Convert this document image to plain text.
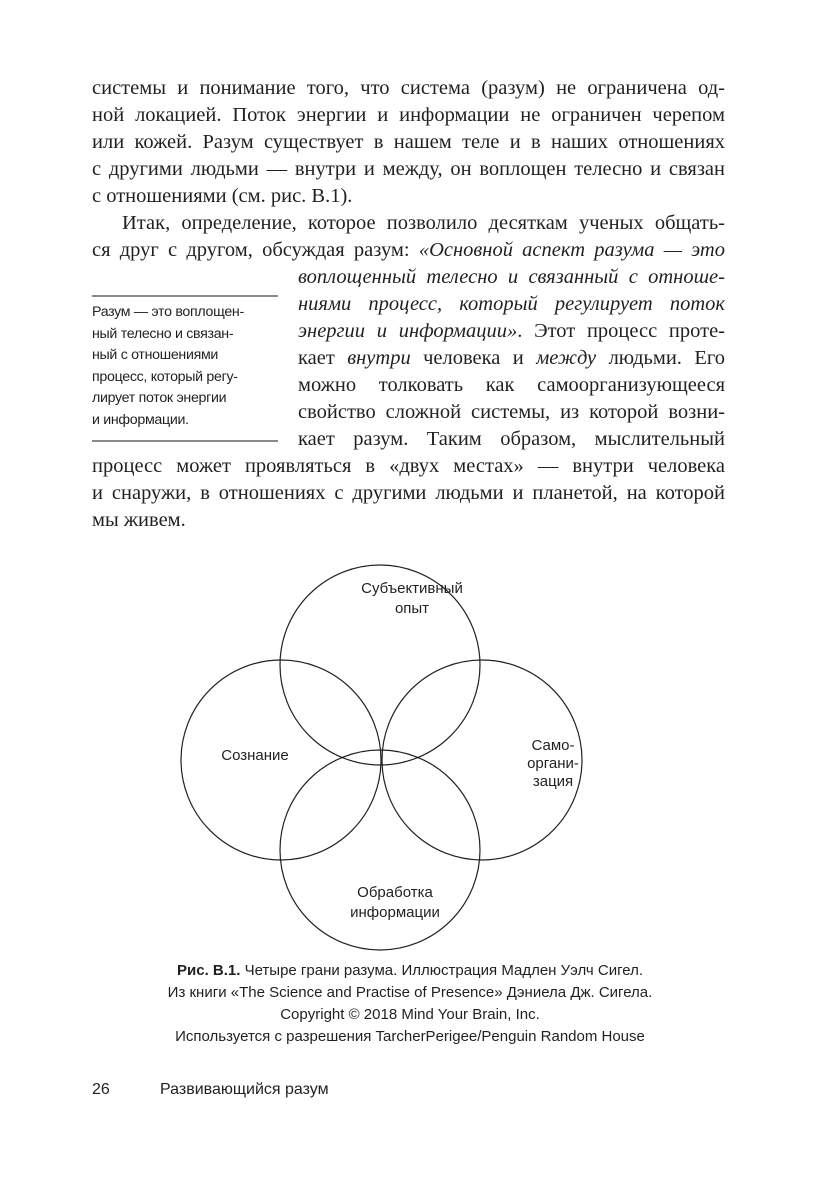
системы и понимание того, что система (разум) не ограничена од-
ной локацией. Поток энергии и информации не ограничен черепом
или кожей. Разум существует в нашем теле и в наших отношениях
с другими людьми — внутри и между, он воплощен телесно и связан
с отношениями (см. рис. В.1).
Итак, определение, которое позволило десяткам ученых общать-
ся друг с другом, обсуждая разум: «Основной аспект разума — это
воплощенный телесно и связанный с отноше-
ниями процесс, который регулирует поток
энергии и информации». Этот процесс проте-
кает внутри человека и между людьми. Его
можно толковать как самоорганизующееся
свойство сложной системы, из которой возни-
кает разум. Таким образом, мыслительный
процесс может проявляться в «двух местах» — внутри человека
и снаружи, в отношениях с другими людьми и планетой, на которой
мы живем.
Разум — это воплощен-
ный телесно и связан-
ный с отношениями
процесс, который регу-
лирует поток энергии
и информации.
Субъективный
опыт
Сознание
Само-
органи-
зация
Обработка
информации
Рис. В.1. Четыре грани разума. Иллюстрация Мадлен Уэлч Сигел.
Из книги «The Science and Practise of Presence» Дэниела Дж. Сигела.
Copyright © 2018 Mind Your Brain, Inc.
Используется с разрешения TarcherPerigee/Penguin Random House
26	Развивающийся разум
